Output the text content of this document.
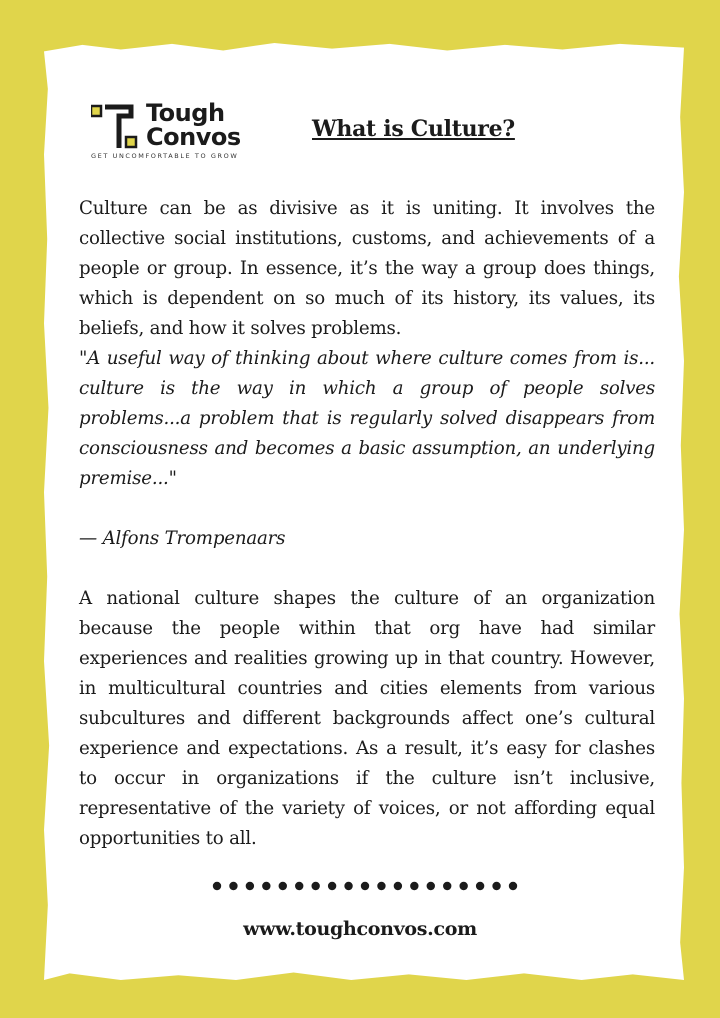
Tough
Convos
GET UNCOMFORTABLE TO GROW
What is Culture?

Culture can be as divisive as it is uniting. It involves the collective social institutions, customs, and achievements of a people or group. In essence, it’s the way a group does things, which is dependent on so much of its history, its values, its beliefs, and how it solves problems.

"A useful way of thinking about where culture comes from is... culture is the way in which a group of people solves problems...a problem that is regularly solved disappears from consciousness and becomes a basic assumption, an underlying premise..."

— Alfons Trompenaars

A national culture shapes the culture of an organization because the people within that org have had similar experiences and realities growing up in that country. However, in multicultural countries and cities elements from various subcultures and different backgrounds affect one’s cultural experience and expectations. As a result, it’s easy for clashes to occur in organizations if the culture isn’t inclusive, representative of the variety of voices, or not affording equal opportunities to all.

www.toughconvos.com
